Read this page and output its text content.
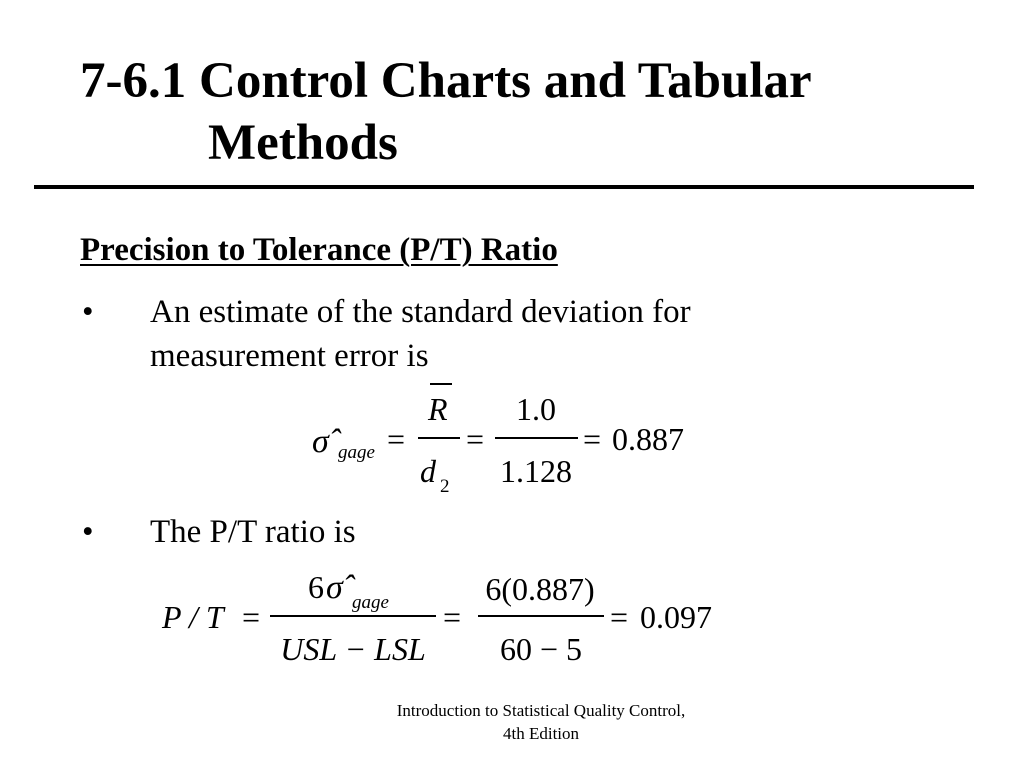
7-6.1 Control Charts and Tabular
Methods
Precision to Tolerance (P/T) Ratio
• An estimate of the standard deviation for measurement error is
• The P/T ratio is
σ̂ gage =
R
d 2
=
1.0
1.128
= 0.887
P / T =
6 σ̂ gage
USL − LSL
=
6(0.887)
60 − 5
= 0.097
Introduction to Statistical Quality Control,
4th Edition
